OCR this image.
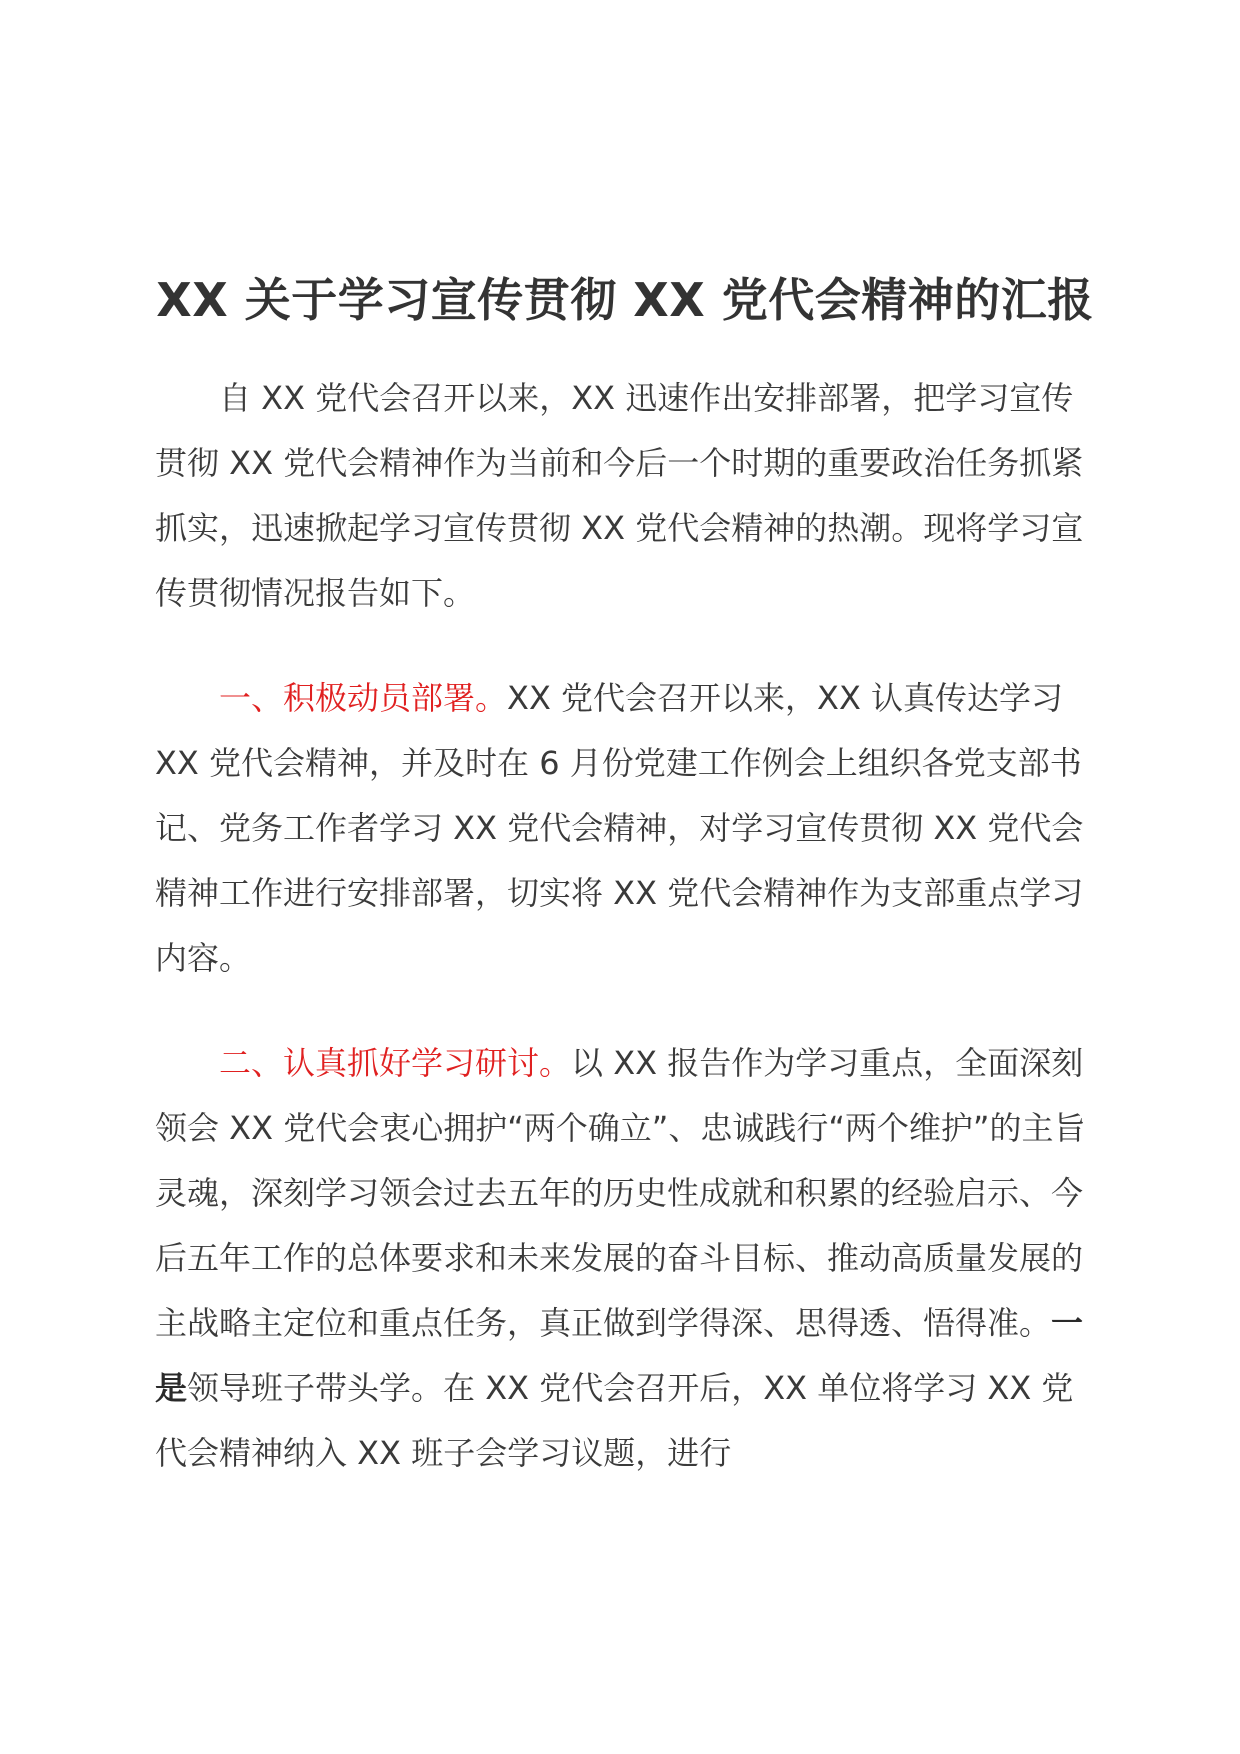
XX 关于学习宣传贯彻 XX 党代会精神的汇报

自 XX 党代会召开以来，XX 迅速作出安排部署，把学习宣传贯彻 XX 党代会精神作为当前和今后一个时期的重要政治任务抓紧抓实，迅速掀起学习宣传贯彻 XX 党代会精神的热潮。现将学习宣传贯彻情况报告如下。

一、积极动员部署。XX 党代会召开以来，XX 认真传达学习 XX 党代会精神，并及时在 6 月份党建工作例会上组织各党支部书记、党务工作者学习 XX 党代会精神，对学习宣传贯彻 XX 党代会精神工作进行安排部署，切实将 XX 党代会精神作为支部重点学习内容。

二、认真抓好学习研讨。以 XX 报告作为学习重点，全面深刻领会 XX 党代会衷心拥护“两个确立”、忠诚践行“两个维护”的主旨灵魂，深刻学习领会过去五年的历史性成就和积累的经验启示、今后五年工作的总体要求和未来发展的奋斗目标、推动高质量发展的主战略主定位和重点任务，真正做到学得深、思得透、悟得准。一是领导班子带头学。在 XX 党代会召开后，XX 单位将学习 XX 党代会精神纳入 XX 班子会学习议题，进行
